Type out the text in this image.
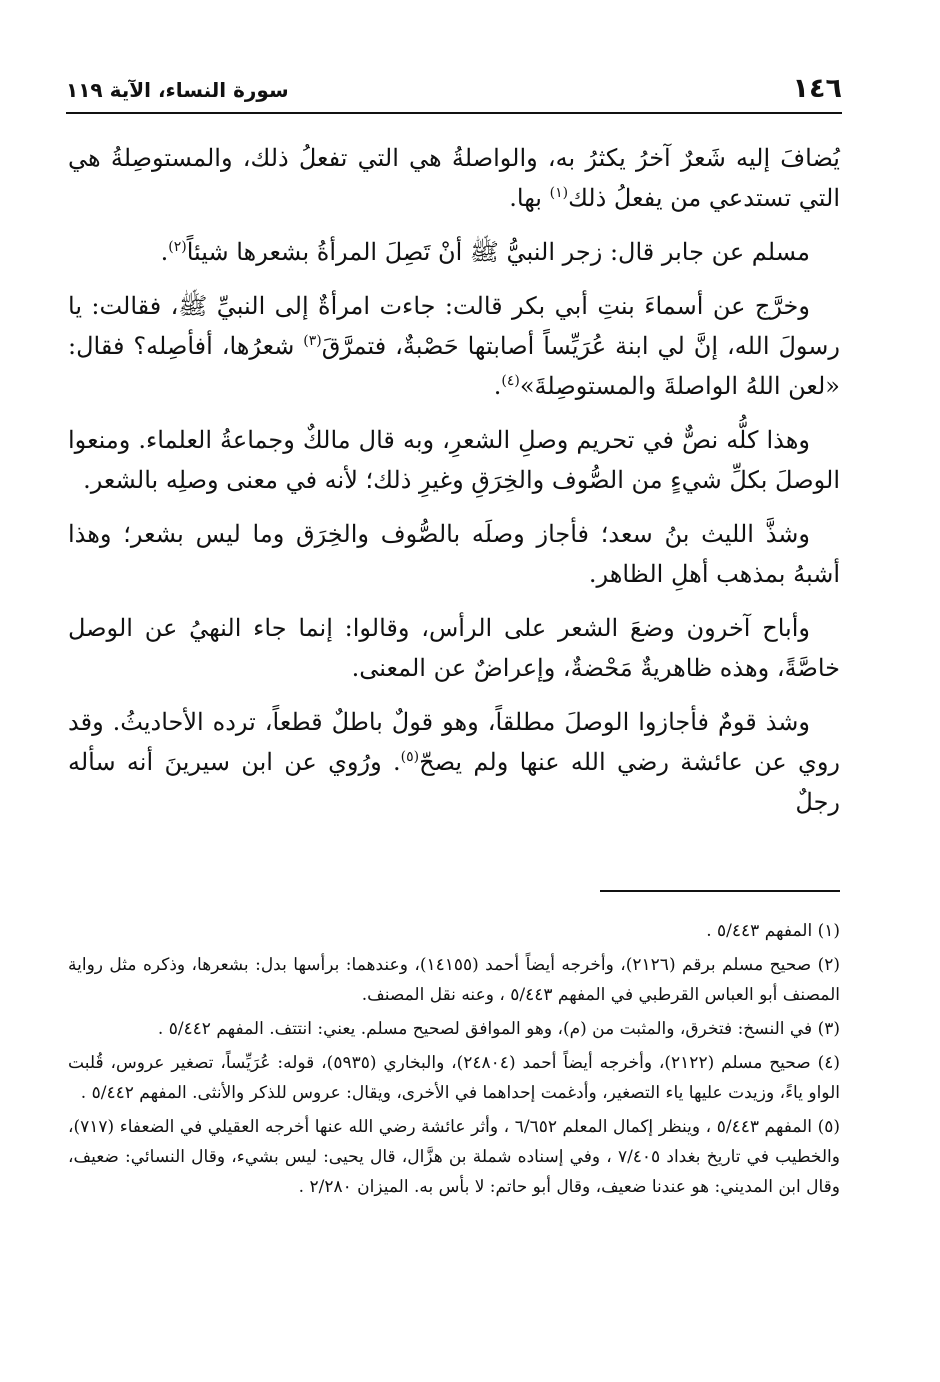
١٤٦
سورة النساء، الآية ١١٩

يُضافَ إليه شَعرٌ آخرُ يكثرُ به، والواصلةُ هي التي تفعلُ ذلك، والمستوصِلةُ هي التي تستدعي من يفعلُ ذلك$^{(١)}$ بها.

مسلم عن جابر قال: زجر النبيُّ ﷺ أنْ تَصِلَ المرأةُ بشعرها شيئاً$^{(٢)}$.

وخرَّج عن أسماءَ بنتِ أبي بكر قالت: جاءت امرأةٌ إلى النبيِّ ﷺ، فقالت: يا رسولَ الله، إنَّ لي ابنة عُرَيِّساً أصابتها حَصْبةٌ، فتمرَّقَ$^{(٣)}$ شعرُها، أفأصِله؟ فقال: «لعن اللهُ الواصلةَ والمستوصِلةَ»$^{(٤)}$.

وهذا كلُّه نصٌّ في تحريم وصلِ الشعرِ، وبه قال مالكٌ وجماعةُ العلماء. ومنعوا الوصلَ بكلِّ شيءٍ من الصُّوف والخِرَقِ وغيرِ ذلك؛ لأنه في معنى وصلِه بالشعر.

وشذَّ الليث بنُ سعد؛ فأجاز وصلَه بالصُّوف والخِرَق وما ليس بشعر؛ وهذا أشبهُ بمذهب أهلِ الظاهر.

وأباح آخرون وضعَ الشعر على الرأس، وقالوا: إنما جاء النهيُ عن الوصل خاصَّةً، وهذه ظاهريةٌ مَحْضةٌ، وإعراضٌ عن المعنى.

وشذ قومٌ فأجازوا الوصلَ مطلقاً، وهو قولٌ باطلٌ قطعاً، ترده الأحاديثُ. وقد روي عن عائشة رضي الله عنها ولم يصحّ$^{(٥)}$. ورُوي عن ابن سيرينَ أنه سأله رجلٌ

(١) المفهم ٥/٤٤٣ .
(٢) صحيح مسلم برقم (٢١٢٦)، وأخرجه أيضاً أحمد (١٤١٥٥)، وعندهما: برأسها بدل: بشعرها، وذكره مثل رواية المصنف أبو العباس القرطبي في المفهم ٥/٤٤٣ ، وعنه نقل المصنف.
(٣) في النسخ: فتخرق، والمثبت من (م)، وهو الموافق لصحيح مسلم. يعني: انتتف. المفهم ٥/٤٤٢ .
(٤) صحيح مسلم (٢١٢٢)، وأخرجه أيضاً أحمد (٢٤٨٠٤)، والبخاري (٥٩٣٥)، قوله: عُرَيِّساً، تصغير عروس، قُلبت الواو ياءً، وزيدت عليها ياء التصغير، وأدغمت إحداهما في الأخرى، ويقال: عروس للذكر والأنثى. المفهم ٥/٤٤٢ .
(٥) المفهم ٥/٤٤٣ ، وينظر إكمال المعلم ٦/٦٥٢ ، وأثر عائشة رضي الله عنها أخرجه العقيلي في الضعفاء (٧١٧)، والخطيب في تاريخ بغداد ٧/٤٠٥ ، وفي إسناده شملة بن هزَّال، قال يحيى: ليس بشيء، وقال النسائي: ضعيف، وقال ابن المديني: هو عندنا ضعيف، وقال أبو حاتم: لا بأس به. الميزان ٢/٢٨٠ .
